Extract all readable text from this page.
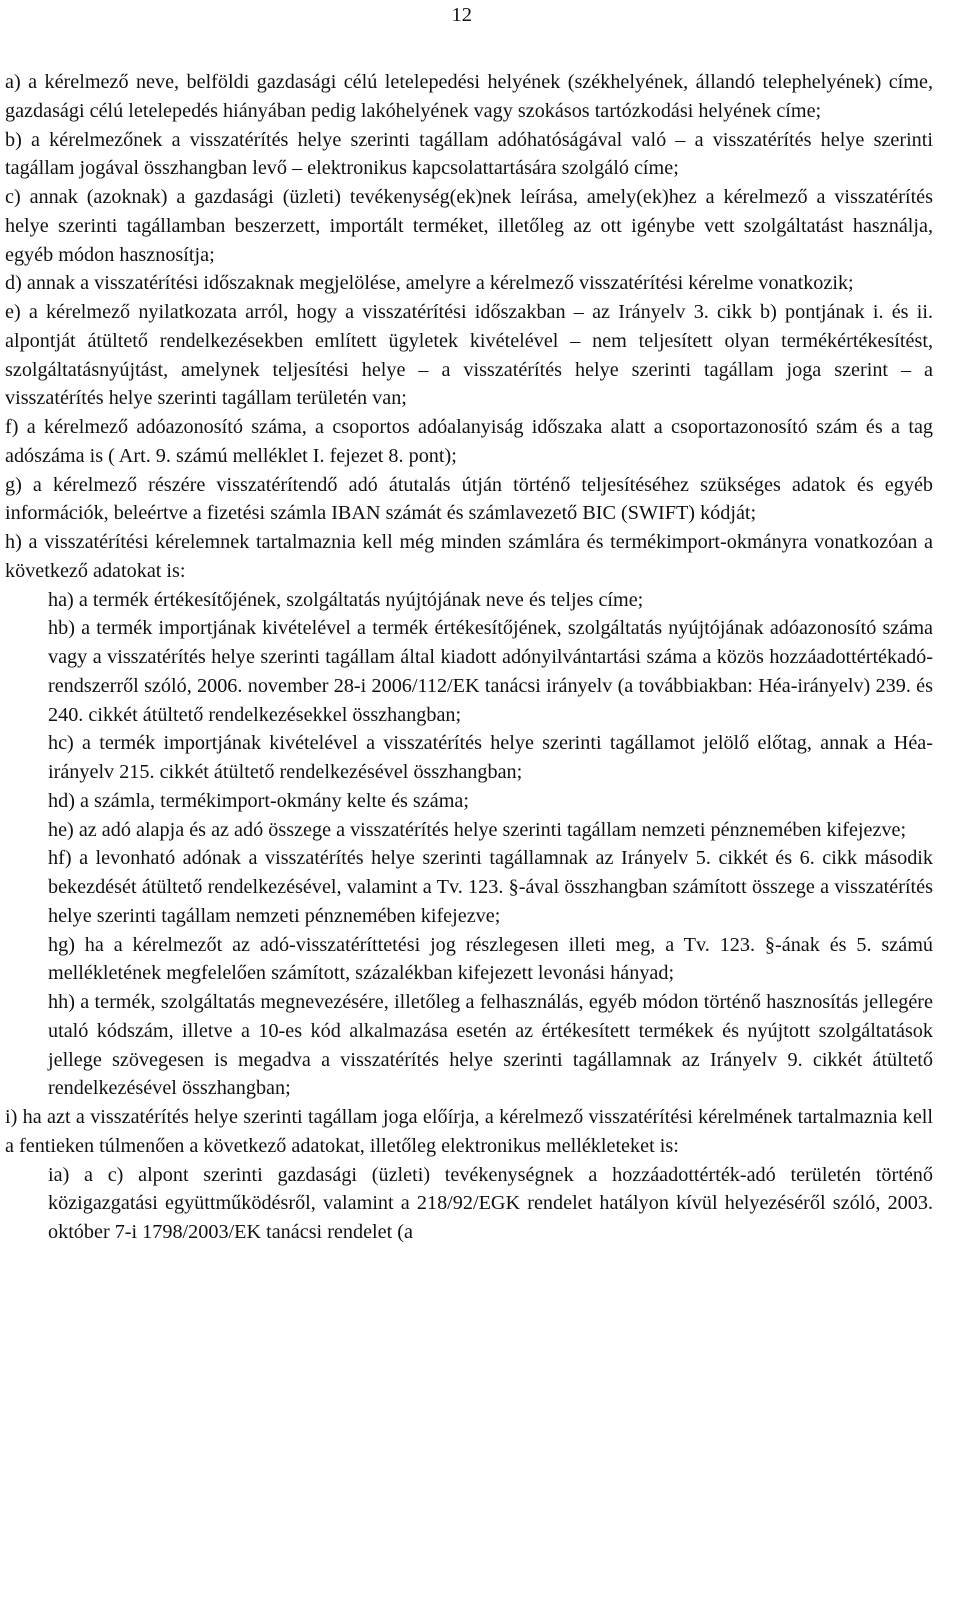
12

a) a kérelmező neve, belföldi gazdasági célú letelepedési helyének (székhelyének, állandó telephelyének) címe, gazdasági célú letelepedés hiányában pedig lakóhelyének vagy szokásos tartózkodási helyének címe;

b) a kérelmezőnek a visszatérítés helye szerinti tagállam adóhatóságával való – a visszatérítés helye szerinti tagállam jogával összhangban levő – elektronikus kapcsolattartására szolgáló címe;

c) annak (azoknak) a gazdasági (üzleti) tevékenység(ek)nek leírása, amely(ek)hez a kérelmező a visszatérítés helye szerinti tagállamban beszerzett, importált terméket, illetőleg az ott igénybe vett szolgáltatást használja, egyéb módon hasznosítja;

d) annak a visszatérítési időszaknak megjelölése, amelyre a kérelmező visszatérítési kérelme vonatkozik;

e) a kérelmező nyilatkozata arról, hogy a visszatérítési időszakban – az Irányelv 3. cikk b) pontjának i. és ii. alpontját átültető rendelkezésekben említett ügyletek kivételével – nem teljesített olyan termékértékesítést, szolgáltatásnyújtást, amelynek teljesítési helye – a visszatérítés helye szerinti tagállam joga szerint – a visszatérítés helye szerinti tagállam területén van;

f) a kérelmező adóazonosító száma, a csoportos adóalanyiság időszaka alatt a csoportazonosító szám és a tag adószáma is ( Art. 9. számú melléklet I. fejezet 8. pont);

g) a kérelmező részére visszatérítendő adó átutalás útján történő teljesítéséhez szükséges adatok és egyéb információk, beleértve a fizetési számla IBAN számát és számlavezető BIC (SWIFT) kódját;

h) a visszatérítési kérelemnek tartalmaznia kell még minden számlára és termékimport-okmányra vonatkozóan a következő adatokat is:

ha) a termék értékesítőjének, szolgáltatás nyújtójának neve és teljes címe;

hb) a termék importjának kivételével a termék értékesítőjének, szolgáltatás nyújtójának adóazonosító száma vagy a visszatérítés helye szerinti tagállam által kiadott adónyilvántartási száma a közös hozzáadottértékadó-rendszerről szóló, 2006. november 28-i 2006/112/EK tanácsi irányelv (a továbbiakban: Héa-irányelv) 239. és 240. cikkét átültető rendelkezésekkel összhangban;

hc) a termék importjának kivételével a visszatérítés helye szerinti tagállamot jelölő előtag, annak a Héa-irányelv 215. cikkét átültető rendelkezésével összhangban;

hd) a számla, termékimport-okmány kelte és száma;

he) az adó alapja és az adó összege a visszatérítés helye szerinti tagállam nemzeti pénznemében kifejezve;

hf) a levonható adónak a visszatérítés helye szerinti tagállamnak az Irányelv 5. cikkét és 6. cikk második bekezdését átültető rendelkezésével, valamint a Tv. 123. §-ával összhangban számított összege a visszatérítés helye szerinti tagállam nemzeti pénznemében kifejezve;

hg) ha a kérelmezőt az adó-visszatéríttetési jog részlegesen illeti meg, a Tv. 123. §-ának és 5. számú mellékletének megfelelően számított, százalékban kifejezett levonási hányad;

hh) a termék, szolgáltatás megnevezésére, illetőleg a felhasználás, egyéb módon történő hasznosítás jellegére utaló kódszám, illetve a 10-es kód alkalmazása esetén az értékesített termékek és nyújtott szolgáltatások jellege szövegesen is megadva a visszatérítés helye szerinti tagállamnak az Irányelv 9. cikkét átültető rendelkezésével összhangban;

i) ha azt a visszatérítés helye szerinti tagállam joga előírja, a kérelmező visszatérítési kérelmének tartalmaznia kell a fentieken túlmenően a következő adatokat, illetőleg elektronikus mellékleteket is:

ia) a c) alpont szerinti gazdasági (üzleti) tevékenységnek a hozzáadottérték-adó területén történő közigazgatási együttműködésről, valamint a 218/92/EGK rendelet hatályon kívül helyezéséről szóló, 2003. október 7-i 1798/2003/EK tanácsi rendelet (a
